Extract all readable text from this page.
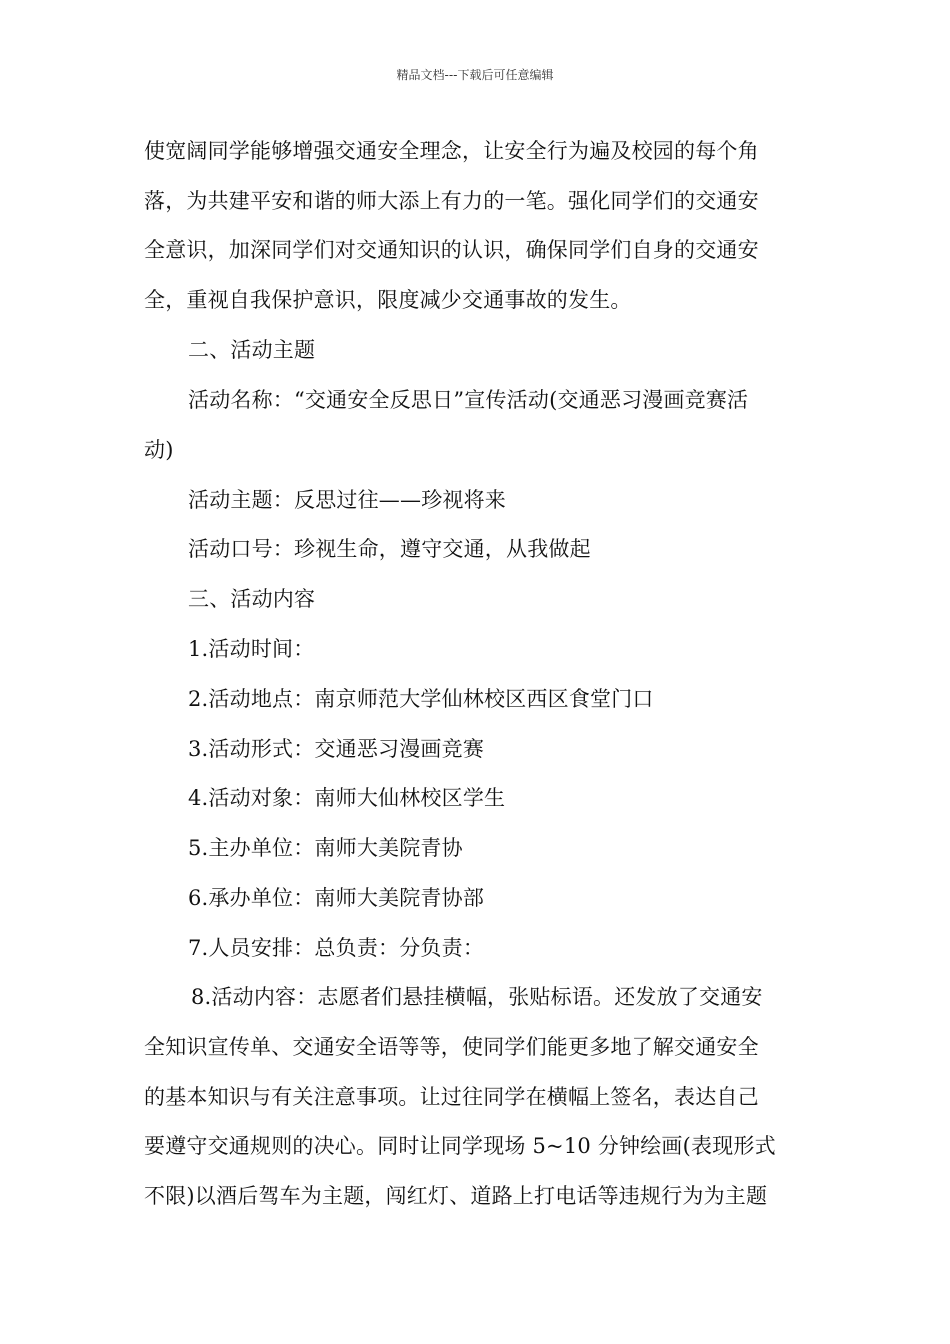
精品文档---下载后可任意编辑
使宽阔同学能够增强交通安全理念，让安全行为遍及校园的每个角
落，为共建平安和谐的师大添上有力的一笔。强化同学们的交通安
全意识，加深同学们对交通知识的认识，确保同学们自身的交通安
全，重视自我保护意识，限度减少交通事故的发生。
二、活动主题
活动名称：“交通安全反思日”宣传活动(交通恶习漫画竞赛活
动)
活动主题：反思过往——珍视将来
活动口号：珍视生命，遵守交通，从我做起
三、活动内容
1.活动时间：
2.活动地点：南京师范大学仙林校区西区食堂门口
3.活动形式：交通恶习漫画竞赛
4.活动对象：南师大仙林校区学生
5.主办单位：南师大美院青协
6.承办单位：南师大美院青协部
7.人员安排：总负责：分负责：
8.活动内容：志愿者们悬挂横幅，张贴标语。还发放了交通安
全知识宣传单、交通安全语等等，使同学们能更多地了解交通安全
的基本知识与有关注意事项。让过往同学在横幅上签名，表达自己
要遵守交通规则的决心。同时让同学现场 5~10 分钟绘画(表现形式
不限)以酒后驾车为主题，闯红灯、道路上打电话等违规行为为主题
